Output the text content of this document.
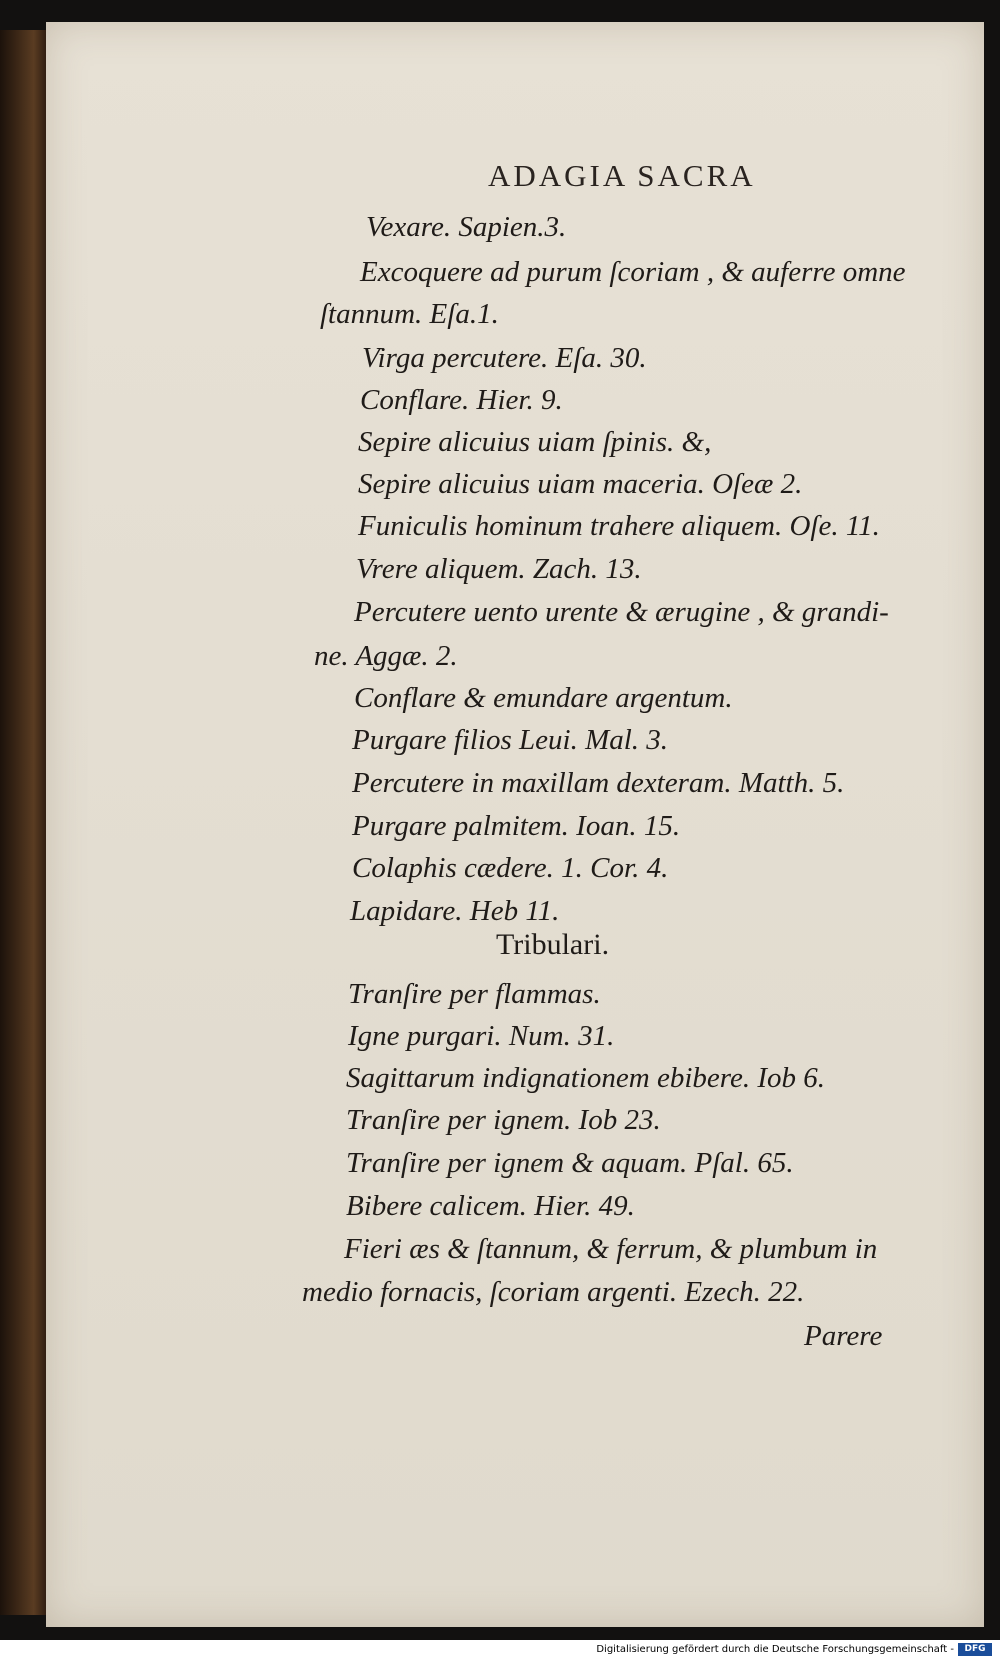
ADAGIA SACRA
Vexare. Sapien.3.
Excoquere ad purum ſcoriam , & auferre omne
ſtannum. Eſa.1.
Virga percutere. Eſa. 30.
Conflare. Hier. 9.
Sepire alicuius uiam ſpinis. &,
Sepire alicuius uiam maceria. Oſeæ 2.
Funiculis hominum trahere aliquem. Oſe. 11.
Vrere aliquem. Zach. 13.
Percutere uento urente & ærugine , & grandi-
ne. Aggæ. 2.
Conflare & emundare argentum.
Purgare filios Leui. Mal. 3.
Percutere in maxillam dexteram. Matth. 5.
Purgare palmitem. Ioan. 15.
Colaphis cædere. 1. Cor. 4.
Lapidare. Heb 11.
Tribulari.
Tranſire per flammas.
Igne purgari. Num. 31.
Sagittarum indignationem ebibere. Iob 6.
Tranſire per ignem. Iob 23.
Tranſire per ignem & aquam. Pſal. 65.
Bibere calicem. Hier. 49.
Fieri æs & ſtannum, & ferrum, & plumbum in
medio fornacis, ſcoriam argenti. Ezech. 22.
Parere
Digitalisierung gefördert durch die Deutsche Forschungsgemeinschaft -	DFG
